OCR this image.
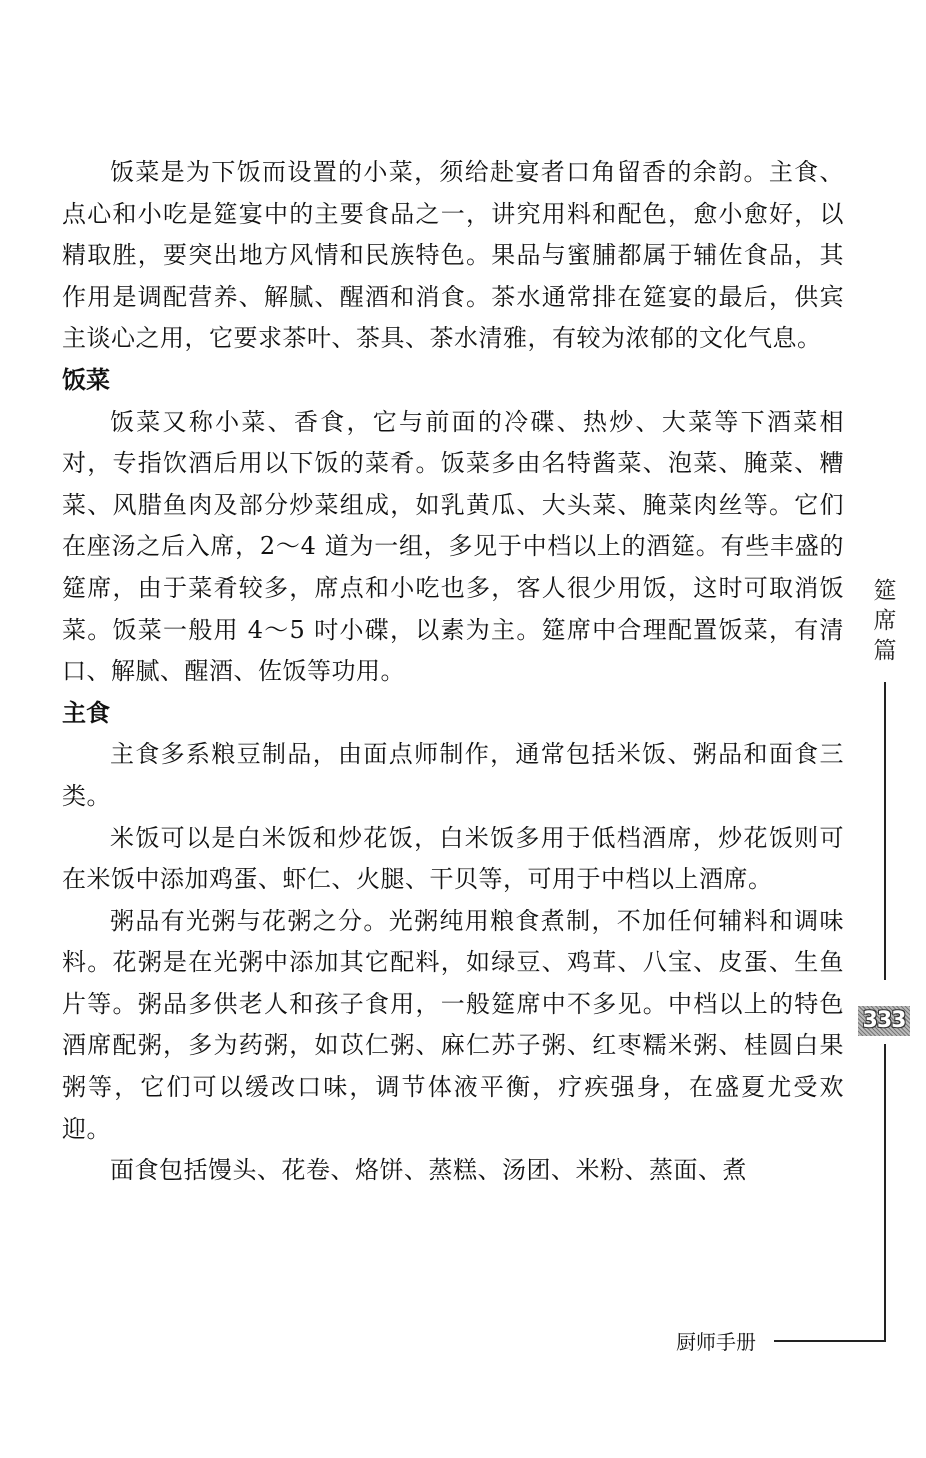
饭菜是为下饭而设置的小菜，须给赴宴者口角留香的余韵。主食、点心和小吃是筵宴中的主要食品之一，讲究用料和配色，愈小愈好，以精取胜，要突出地方风情和民族特色。果品与蜜脯都属于辅佐食品，其作用是调配营养、解腻、醒酒和消食。茶水通常排在筵宴的最后，供宾主谈心之用，它要求茶叶、茶具、茶水清雅，有较为浓郁的文化气息。

饭菜

饭菜又称小菜、香食，它与前面的冷碟、热炒、大菜等下酒菜相对，专指饮酒后用以下饭的菜肴。饭菜多由名特酱菜、泡菜、腌菜、糟菜、风腊鱼肉及部分炒菜组成，如乳黄瓜、大头菜、腌菜肉丝等。它们在座汤之后入席，2～4 道为一组，多见于中档以上的酒筵。有些丰盛的筵席，由于菜肴较多，席点和小吃也多，客人很少用饭，这时可取消饭菜。饭菜一般用 4～5 吋小碟，以素为主。筵席中合理配置饭菜，有清口、解腻、醒酒、佐饭等功用。

主食

主食多系粮豆制品，由面点师制作，通常包括米饭、粥品和面食三类。

米饭可以是白米饭和炒花饭，白米饭多用于低档酒席，炒花饭则可在米饭中添加鸡蛋、虾仁、火腿、干贝等，可用于中档以上酒席。

粥品有光粥与花粥之分。光粥纯用粮食煮制，不加任何辅料和调味料。花粥是在光粥中添加其它配料，如绿豆、鸡茸、八宝、皮蛋、生鱼片等。粥品多供老人和孩子食用，一般筵席中不多见。中档以上的特色酒席配粥，多为药粥，如苡仁粥、麻仁苏子粥、红枣糯米粥、桂圆白果粥等，它们可以缓改口味，调节体液平衡，疗疾强身，在盛夏尤受欢迎。

面食包括馒头、花卷、烙饼、蒸糕、汤团、米粉、蒸面、煮

筵
席
篇
333
厨师手册
